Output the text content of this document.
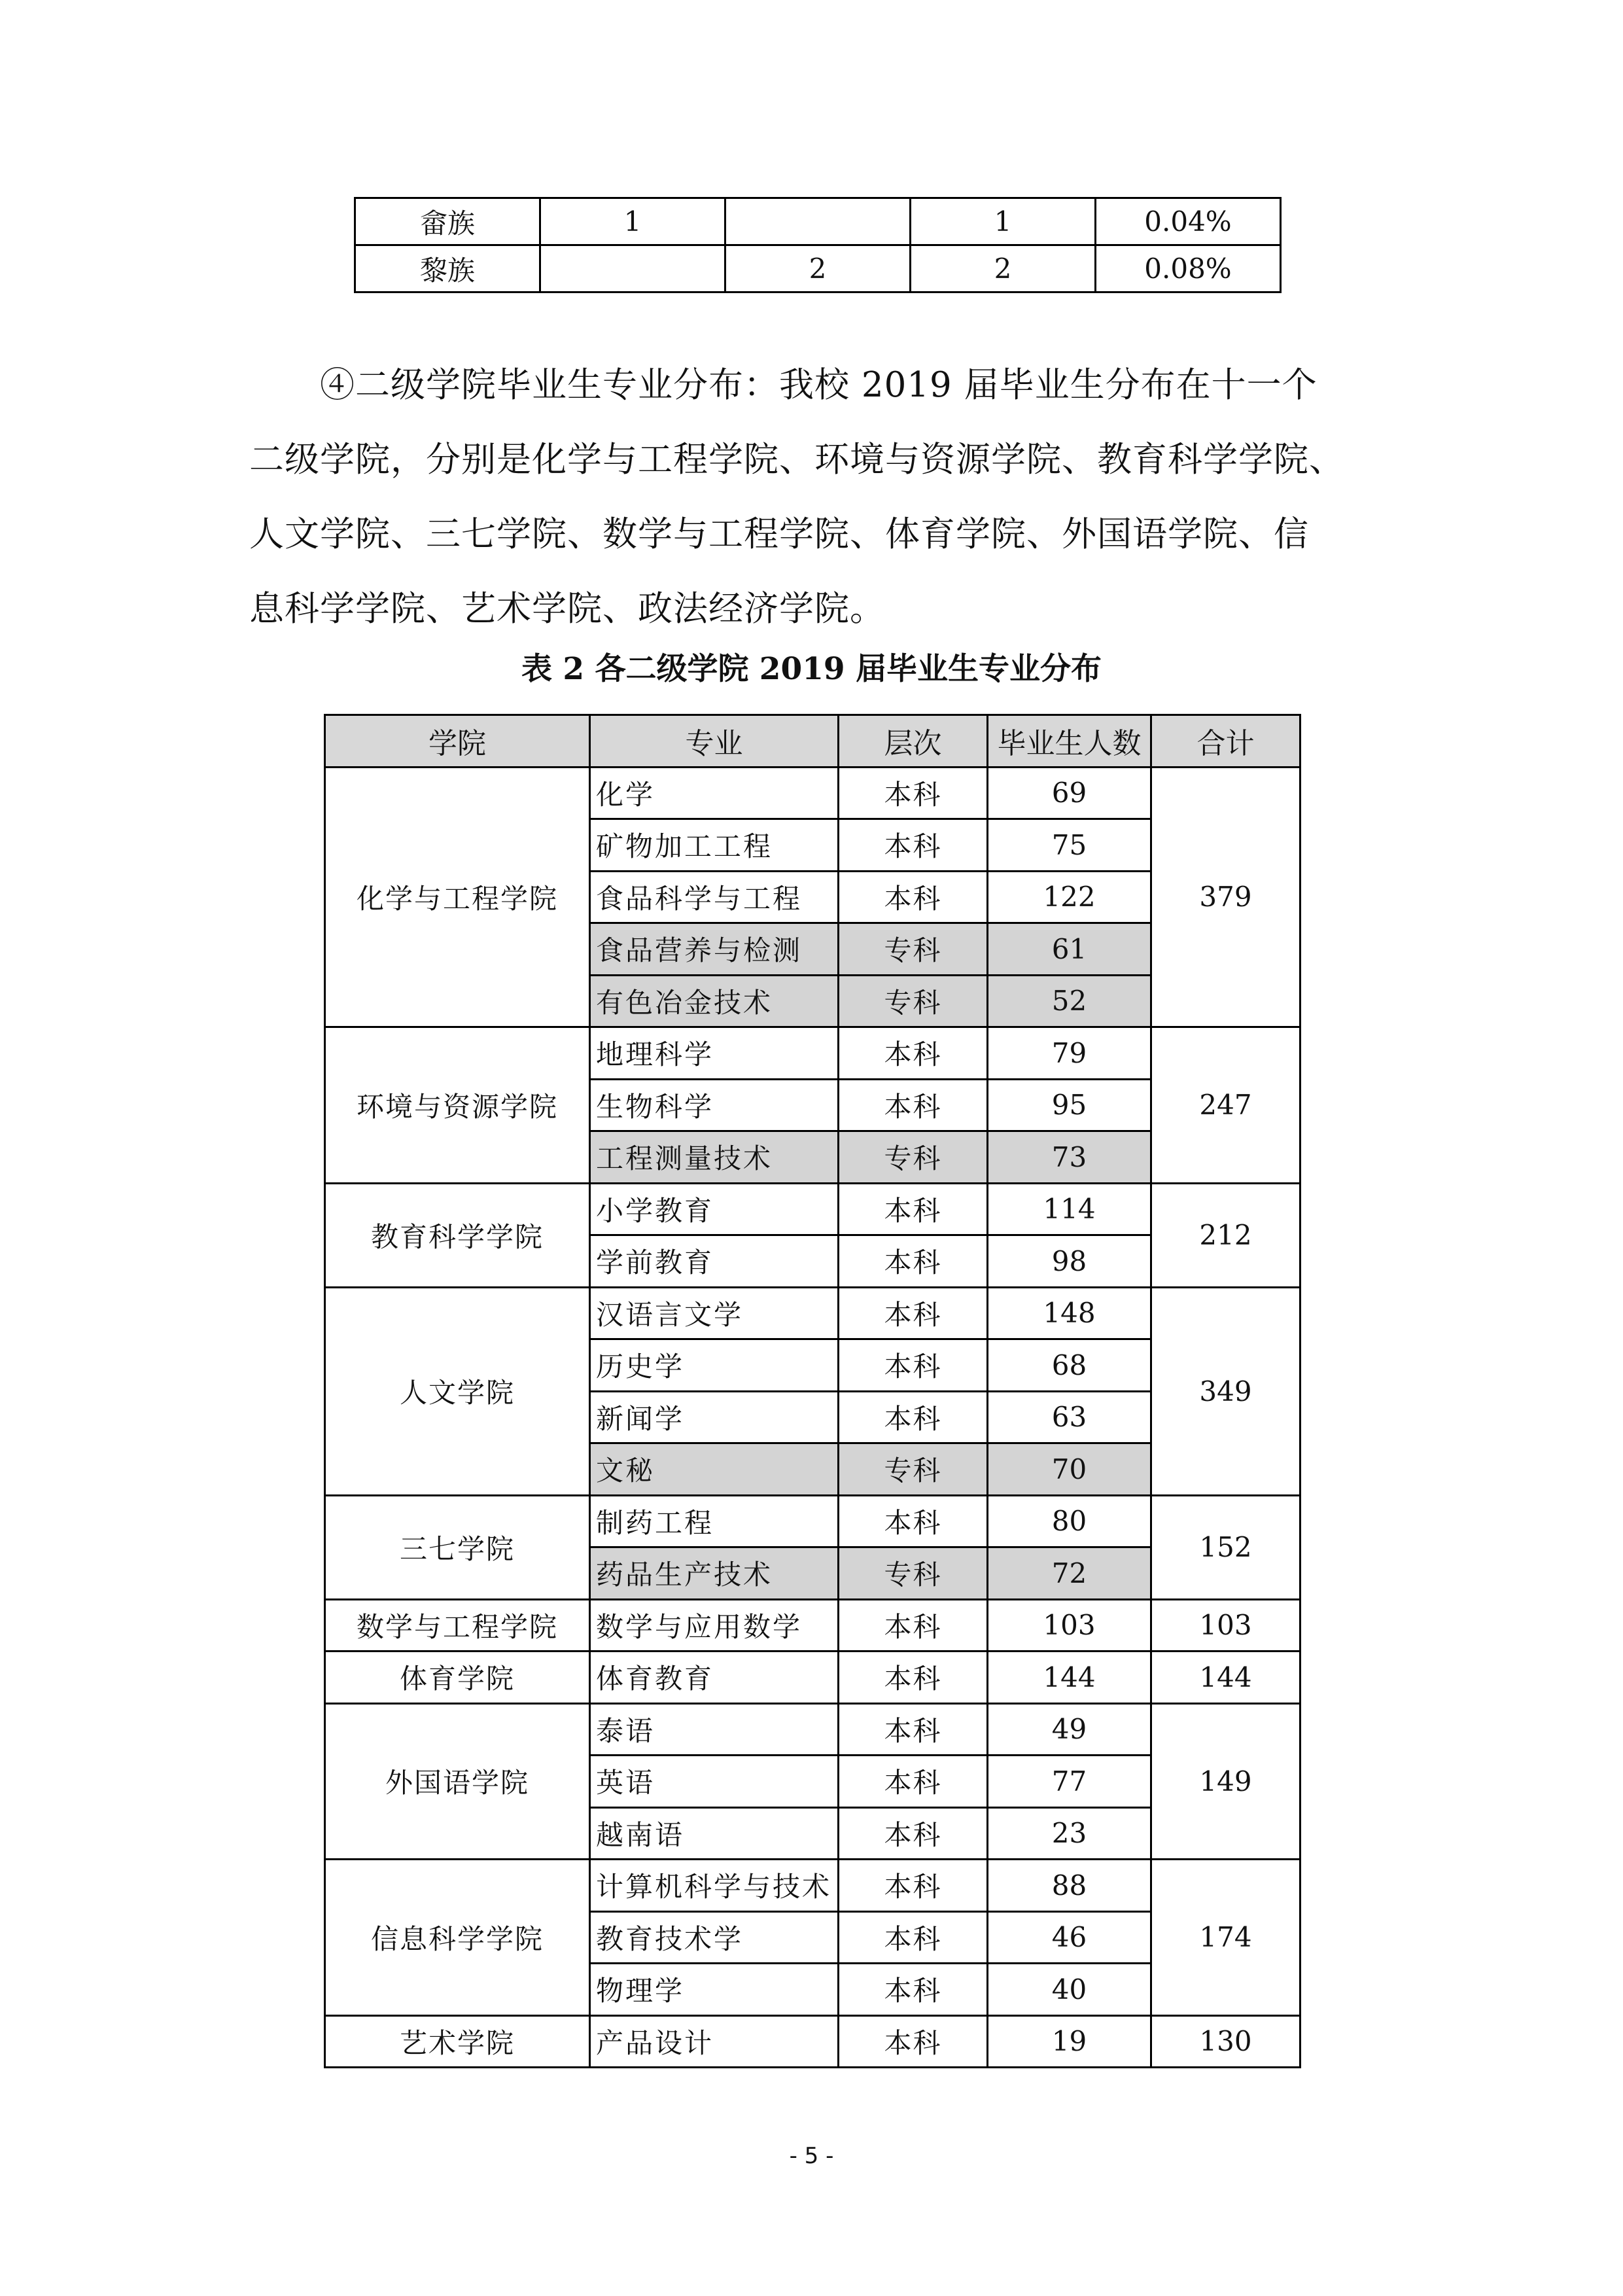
畲族	1		1	0.04%
黎族		2	2	0.08%
④二级学院毕业生专业分布：我校 2019 届毕业生分布在十一个
二级学院，分别是化学与工程学院、环境与资源学院、教育科学学院、
人文学院、三七学院、数学与工程学院、体育学院、外国语学院、信
息科学学院、艺术学院、政法经济学院。
表 2 各二级学院 2019 届毕业生专业分布
学院	专业	层次	毕业生人数	合计
化学与工程学院	化学	本科	69	379
	矿物加工工程	本科	75	
	食品科学与工程	本科	122	
	食品营养与检测	专科	61	
	有色冶金技术	专科	52	
环境与资源学院	地理科学	本科	79	247
	生物科学	本科	95	
	工程测量技术	专科	73	
教育科学学院	小学教育	本科	114	212
	学前教育	本科	98	
人文学院	汉语言文学	本科	148	349
	历史学	本科	68	
	新闻学	本科	63	
	文秘	专科	70	
三七学院	制药工程	本科	80	152
	药品生产技术	专科	72	
数学与工程学院	数学与应用数学	本科	103	103
体育学院	体育教育	本科	144	144
外国语学院	泰语	本科	49	149
	英语	本科	77	
	越南语	本科	23	
信息科学学院	计算机科学与技术	本科	88	174
	教育技术学	本科	46	
	物理学	本科	40	
艺术学院	产品设计	本科	19	130
- 5 -
